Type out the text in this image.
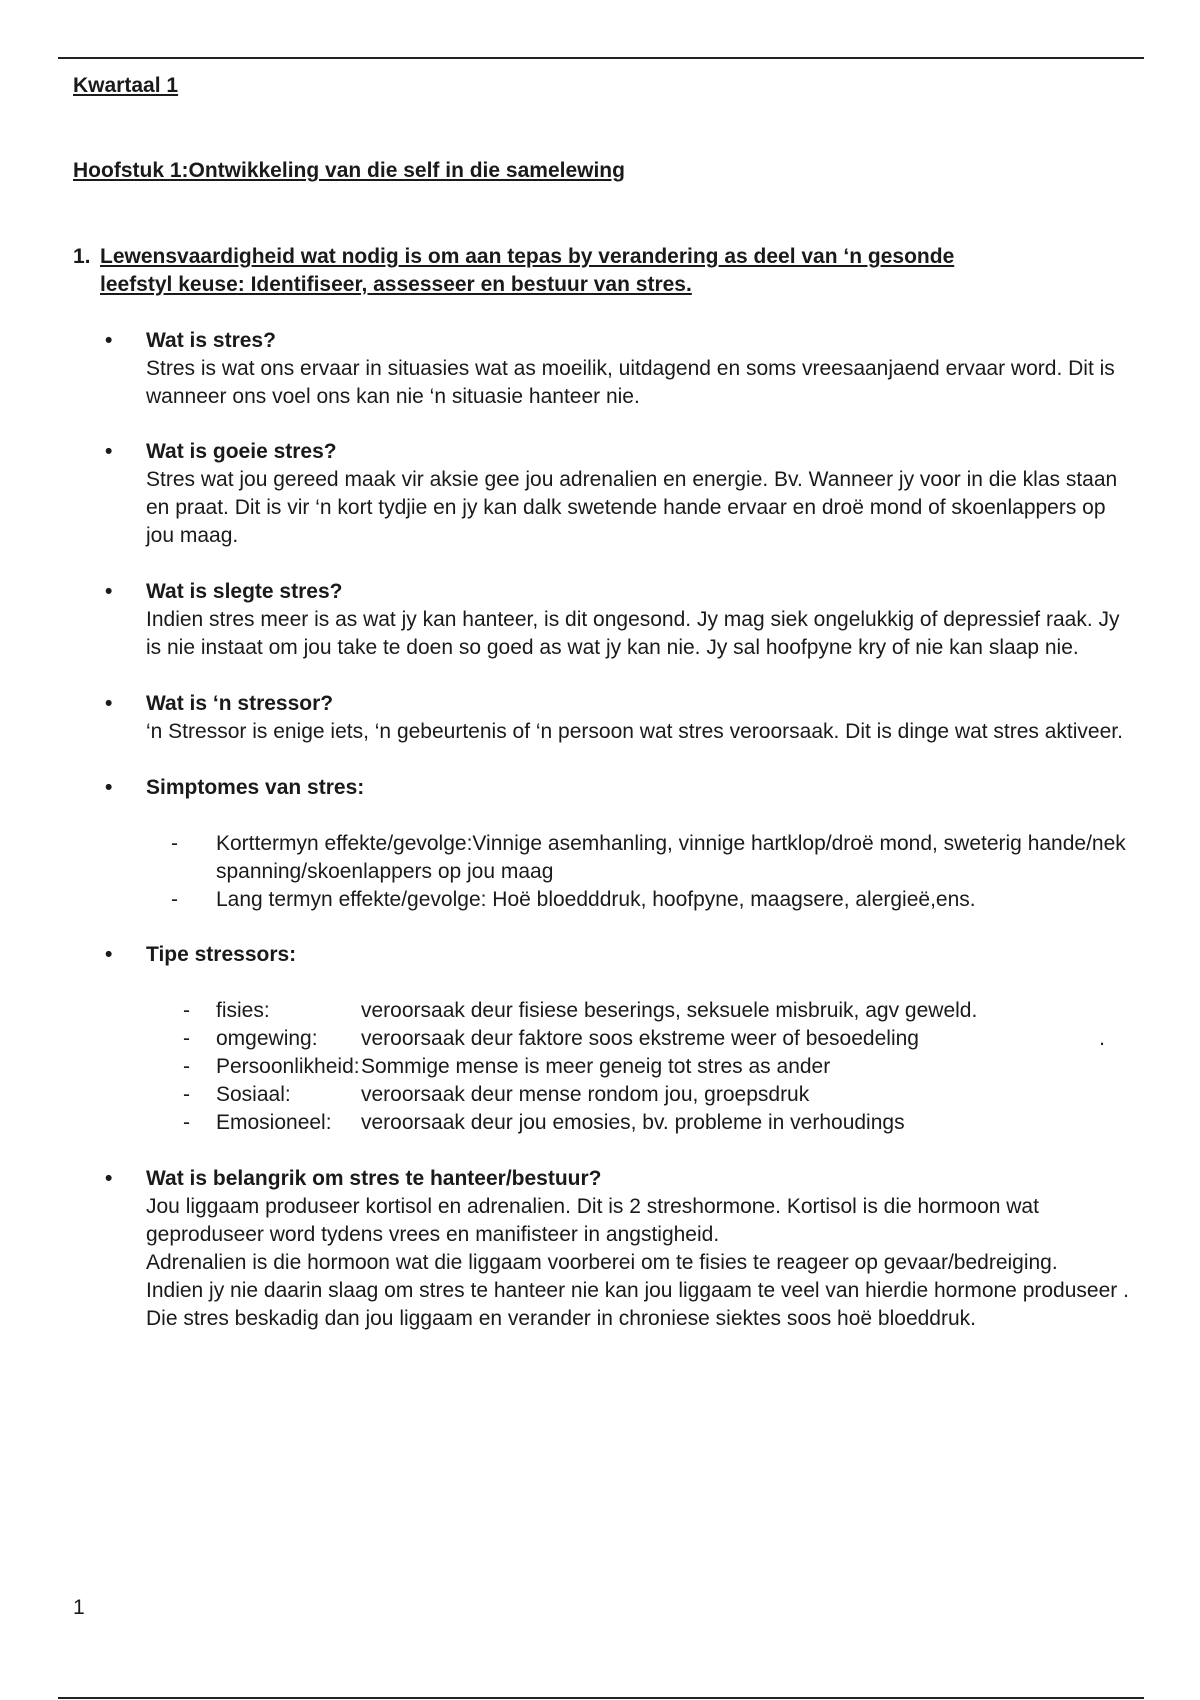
Kwartaal 1

Hoofstuk 1:Ontwikkeling van die self in die samelewing

1. Lewensvaardigheid wat nodig is om aan tepas by verandering as deel van ‘n gesonde
leefstyl keuse: Identifiseer, assesseer en bestuur van stres.
• Wat is stres?

Stres is wat ons ervaar in situasies wat as moeilik, uitdagend en soms vreesaanjaend ervaar word. Dit is wanneer ons voel ons kan nie ‘n situasie hanteer nie.

• Wat is goeie stres?

Stres wat jou gereed maak vir aksie gee jou adrenalien en energie. Bv. Wanneer jy voor in die klas staan en praat. Dit is vir ‘n kort tydjie en jy kan dalk swetende hande ervaar en droë mond of skoenlappers op jou maag.

• Wat is slegte stres?

Indien stres meer is as wat jy kan hanteer, is dit ongesond. Jy mag siek ongelukkig of depressief raak. Jy is nie instaat om jou take te doen so goed as wat jy kan nie. Jy sal hoofpyne kry of nie kan slaap nie.

• Wat is ‘n stressor?

‘n Stressor is enige iets, ‘n gebeurtenis of ‘n persoon wat stres veroorsaak. Dit is dinge wat stres aktiveer.

• Simptomes van stres:

- Korttermyn effekte/gevolge:Vinnige asemhanling, vinnige hartklop/droë mond, sweterig hande/nek spanning/skoenlappers op jou maag
- Lang termyn effekte/gevolge: Hoë bloedddruk, hoofpyne, maagsere, alergieë,ens.
• Tipe stressors:

- fisies:	veroorsaak deur fisiese beserings, seksuele misbruik, agv geweld.
- omgewing:	veroorsaak deur faktore soos ekstreme weer of besoedeling	.
- Persoonlikheid: Sommige mense is meer geneig tot stres as ander
- Sosiaal:	veroorsaak deur mense rondom jou, groepsdruk
- Emosioneel:	veroorsaak deur jou emosies, bv. probleme in verhoudings
• Wat is belangrik om stres te hanteer/bestuur?

Jou liggaam produseer kortisol en adrenalien. Dit is 2 streshormone. Kortisol is die hormoon wat geproduseer word tydens vrees en manifisteer in angstigheid.

Adrenalien is die hormoon wat die liggaam voorberei om te fisies te reageer op gevaar/bedreiging.

Indien jy nie daarin slaag om stres te hanteer nie kan jou liggaam te veel van hierdie hormone produseer . Die stres beskadig dan jou liggaam en verander in chroniese siektes soos hoë bloeddruk.

1
